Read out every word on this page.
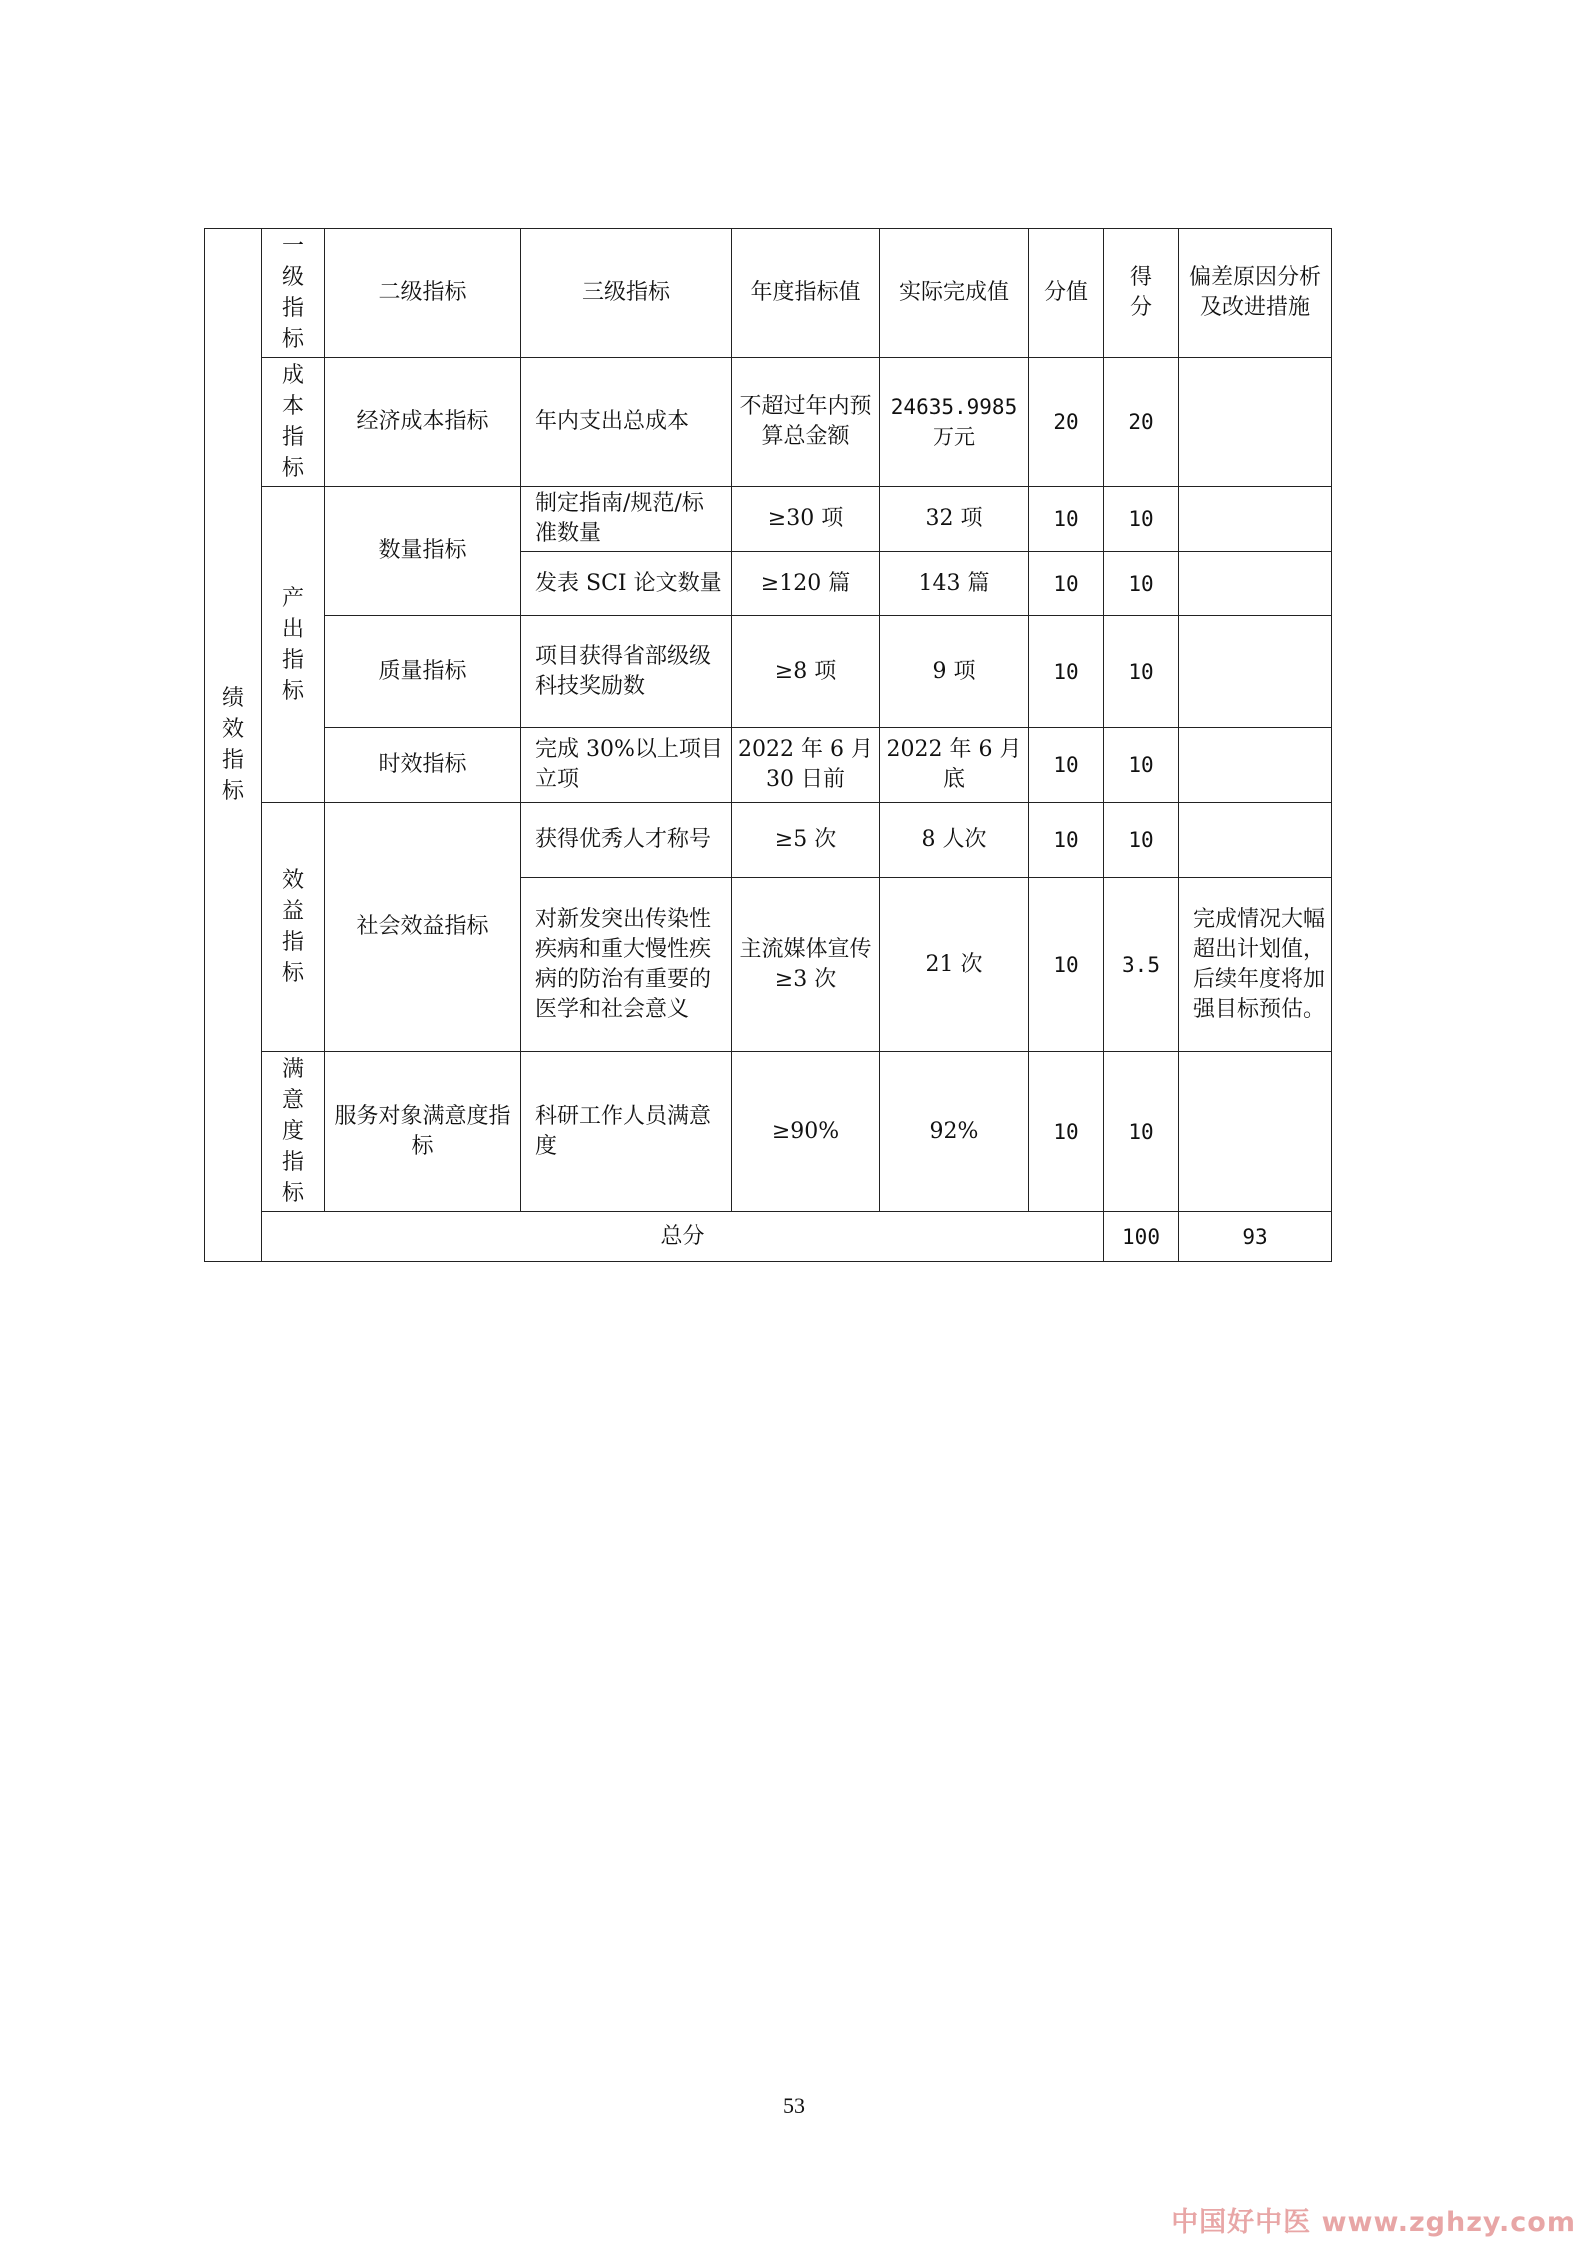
绩效指标	一级指标	二级指标	三级指标	年度指标值	实际完成值	分值	得分	偏差原因分析及改进措施	

	成本指标	经济成本指标	年内支出总成本	不超过年内预算总金额	24635.9985万元	20	20		

	产出指标	数量指标	制定指南/规范/标准数量	≥30 项	32 项	10	10		
			发表 SCI 论文数量	≥120 篇	143 篇	10	10		
		质量指标	项目获得省部级级科技奖励数	≥8 项	9 项	10	10		
		时效指标	完成 30%以上项目立项	2022 年 6 月 30 日前	2022 年 6 月底	10	10		

	效益指标	社会效益指标	获得优秀人才称号	≥5 次	8 人次	10	10		
			对新发突出传染性疾病和重大慢性疾病的防治有重要的医学和社会意义	主流媒体宣传≥3 次	21 次	10	3.5	完成情况大幅超出计划值，后续年度将加强目标预估。	

	满意度指标	服务对象满意度指标	科研工作人员满意度	≥90%	92%	10	10		
	总分						100	93	
53
中国好中医 www.zghzy.com
